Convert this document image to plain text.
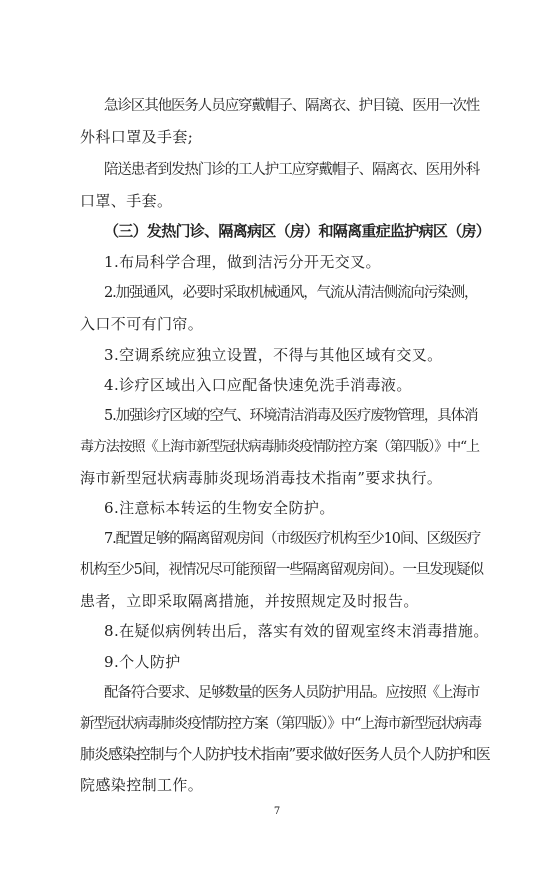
急诊区其他医务人员应穿戴帽子、隔离衣、护目镜、医用一次性
外科口罩及手套;
陪送患者到发热门诊的工人护工应穿戴帽子、隔离衣、医用外科
口罩、手套。
（三）发热门诊、隔离病区（房）和隔离重症监护病区（房）
1.布局科学合理，做到洁污分开无交叉。
2.加强通风，必要时采取机械通风，气流从清洁侧流向污染测，
入口不可有门帘。
3.空调系统应独立设置，不得与其他区域有交叉。
4.诊疗区域出入口应配备快速免洗手消毒液。
5.加强诊疗区域的空气、环境清洁消毒及医疗废物管理，具体消
毒方法按照《上海市新型冠状病毒肺炎疫情防控方案（第四版）》中“上
海市新型冠状病毒肺炎现场消毒技术指南”要求执行。
6.注意标本转运的生物安全防护。
7.配置足够的隔离留观房间（市级医疗机构至少10间、区级医疗
机构至少5间，视情况尽可能预留一些隔离留观房间）。一旦发现疑似
患者，立即采取隔离措施，并按照规定及时报告。
8.在疑似病例转出后，落实有效的留观室终末消毒措施。
9.个人防护
配备符合要求、足够数量的医务人员防护用品。应按照《上海市
新型冠状病毒肺炎疫情防控方案（第四版）》中“上海市新型冠状病毒
肺炎感染控制与个人防护技术指南”要求做好医务人员个人防护和医
院感染控制工作。
7
